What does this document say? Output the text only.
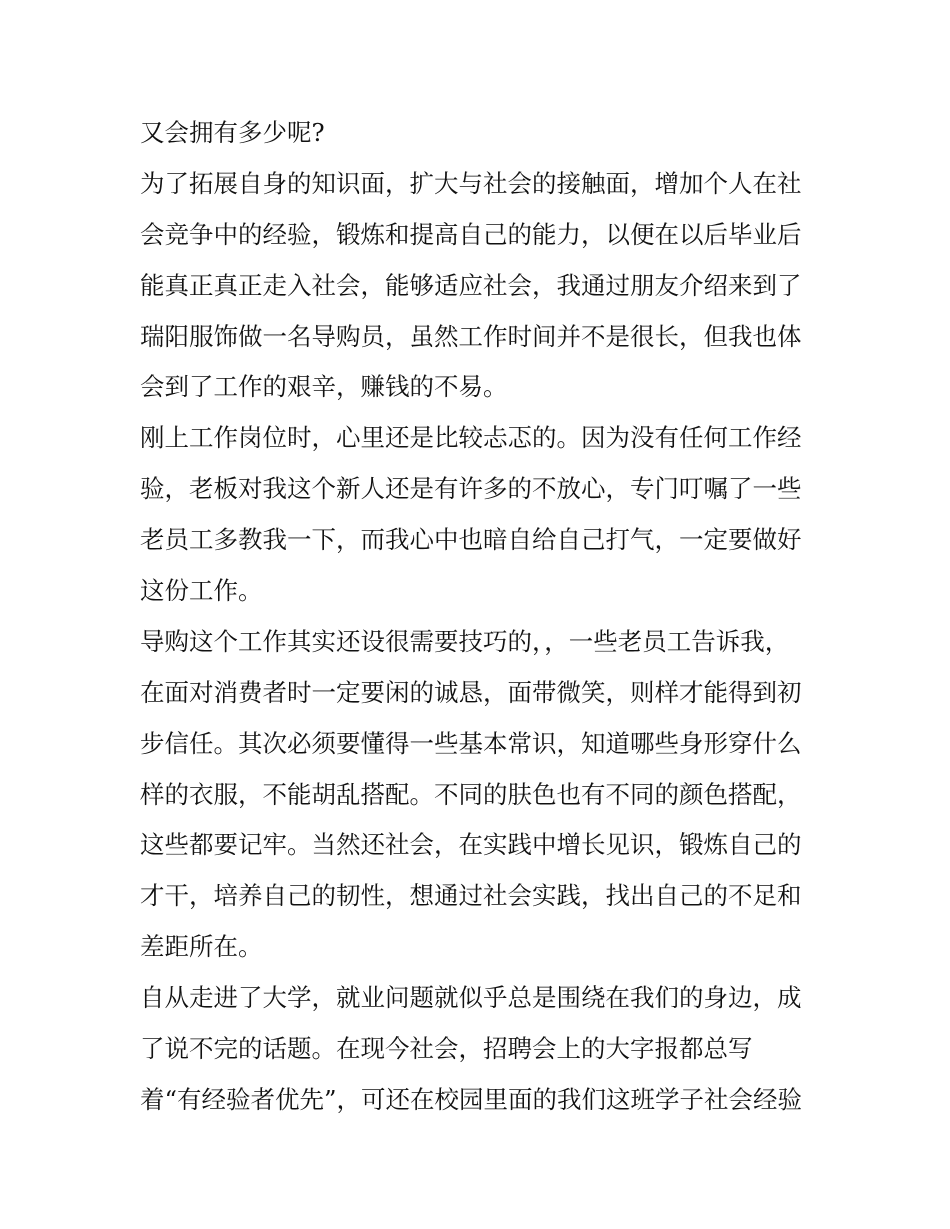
又会拥有多少呢?
为了拓展自身的知识面，扩大与社会的接触面，增加个人在社
会竞争中的经验，锻炼和提高自己的能力，以便在以后毕业后
能真正真正走入社会，能够适应社会，我通过朋友介绍来到了
瑞阳服饰做一名导购员，虽然工作时间并不是很长，但我也体
会到了工作的艰辛，赚钱的不易。
刚上工作岗位时，心里还是比较忐忑的。因为没有任何工作经
验，老板对我这个新人还是有许多的不放心，专门叮嘱了一些
老员工多教我一下，而我心中也暗自给自己打气，一定要做好
这份工作。
导购这个工作其实还设很需要技巧的，，一些老员工告诉我，
在面对消费者时一定要闲的诚恳，面带微笑，则样才能得到初
步信任。其次必须要懂得一些基本常识，知道哪些身形穿什么
样的衣服，不能胡乱搭配。不同的肤色也有不同的颜色搭配，
这些都要记牢。当然还社会，在实践中增长见识，锻炼自己的
才干，培养自己的韧性，想通过社会实践，找出自己的不足和
差距所在。
自从走进了大学，就业问题就似乎总是围绕在我们的身边，成
了说不完的话题。在现今社会，招聘会上的大字报都总写
着“有经验者优先”，可还在校园里面的我们这班学子社会经验
